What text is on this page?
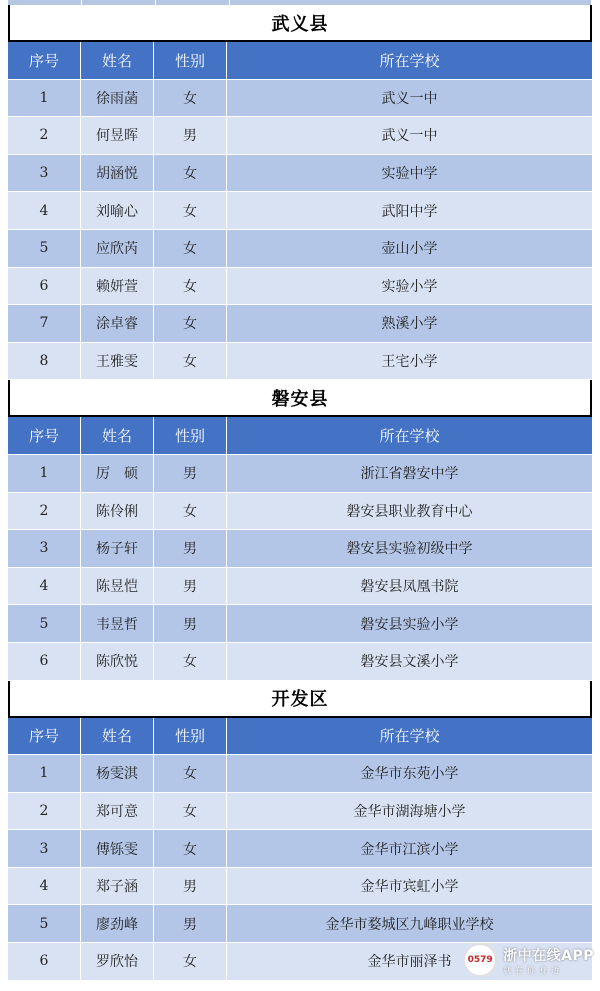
武义县
序号	姓名	性别	所在学校
1	徐雨菡	女	武义一中
2	何昱晖	男	武义一中
3	胡涵悦	女	实验中学
4	刘喻心	女	武阳中学
5	应欣芮	女	壶山小学
6	赖妍萱	女	实验小学
7	涂卓睿	女	熟溪小学
8	王雅雯	女	王宅小学
磐安县
序号	姓名	性别	所在学校
1	厉　硕	男	浙江省磐安中学
2	陈伶俐	女	磐安县职业教育中心
3	杨子轩	男	磐安县实验初级中学
4	陈昱恺	男	磐安县凤凰书院
5	韦昱哲	男	磐安县实验小学
6	陈欣悦	女	磐安县文溪小学
开发区
序号	姓名	性别	所在学校
1	杨雯淇	女	金华市东苑小学
2	郑可意	女	金华市湖海塘小学
3	傅铄雯	女	金华市江滨小学
4	郑子涵	男	金华市宾虹小学
5	廖劲峰	男	金华市婺城区九峰职业学校
6	罗欣怡	女	金华市丽泽书	0579 浙中在线APP
就在你身边
